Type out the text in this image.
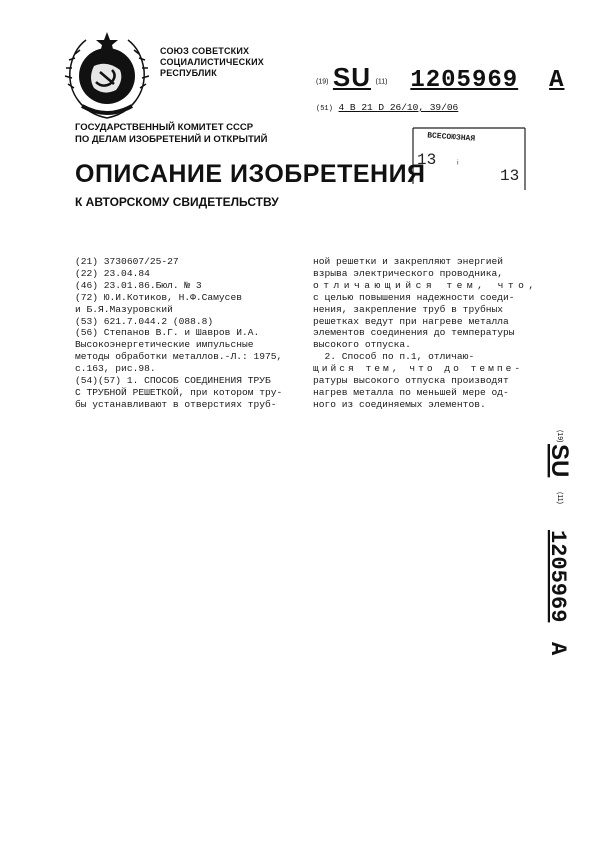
СОЮЗ СОВЕТСКИХ
СОЦИАЛИСТИЧЕСКИХ
РЕСПУБЛИК
(19) SU (11) 1205969 A
(51) 4 В 21 D 26/10, 39/06
ГОСУДАРСТВЕННЫЙ КОМИТЕТ СССР
ПО ДЕЛАМ ИЗОБРЕТЕНИЙ И ОТКРЫТИЙ	ВСЕСОЮЗНАЯ
13
13
ᵢ
ОПИСАНИЕ ИЗОБРЕТЕНИЯ
К АВТОРСКОМУ СВИДЕТЕЛЬСТВУ
(21) 3730607/25-27
(22) 23.04.84
(46) 23.01.86.Бюл. № 3
(72) Ю.И.Котиков, Н.Ф.Самусев
и Б.Я.Мазуровский
(53) 621.7.044.2 (088.8)
(56) Степанов В.Г. и Шавров И.А.
Высокоэнергетические импульсные
методы обработки металлов.-Л.: 1975,
с.163, рис.98.
(54)(57) 1. СПОСОБ СОЕДИНЕНИЯ ТРУБ
С ТРУБНОЙ РЕШЕТКОЙ, при котором тру-
бы устанавливают в отверстиях труб-
ной решетки и закрепляют энергией
взрыва электрического проводника,
отличающийся тем, что,
с целью повышения надежности соеди-
нения, закрепление труб в трубных
решетках ведут при нагреве металла
элементов соединения до температуры
высокого отпуска.
2. Способ по п.1, отличаю-
щийся тем, что до темпе-
ратуры высокого отпуска производят
нагрев металла по меньшей мере од-
ного из соединяемых элементов.
(19)
SU
(11)
1205969
A
